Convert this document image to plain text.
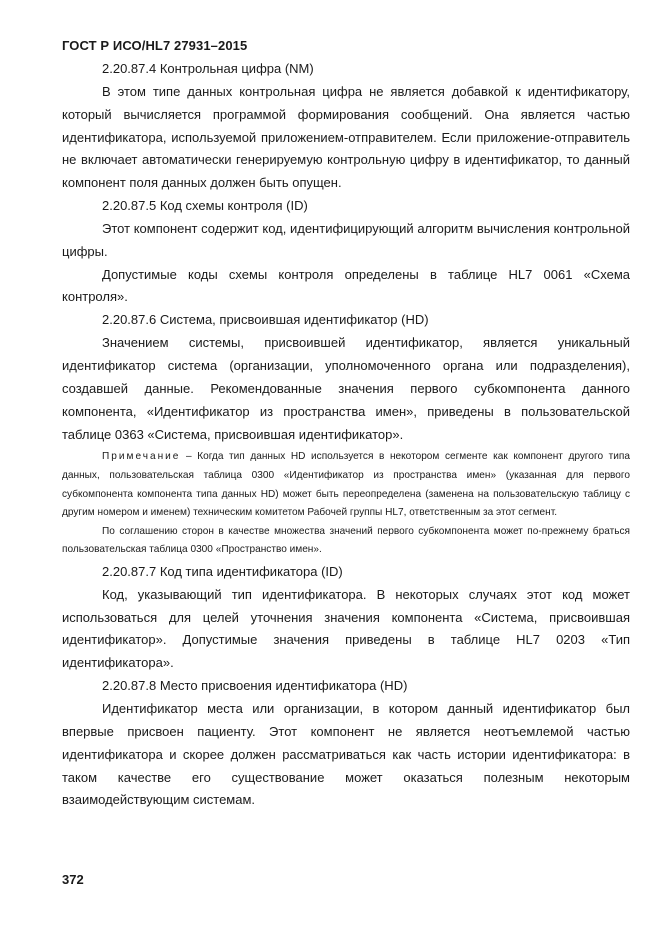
ГОСТ Р ИСО/HL7 27931–2015

2.20.87.4 Контрольная цифра (NM)

В этом типе данных контрольная цифра не является добавкой к идентификатору, который вычисляется программой формирования сообщений. Она является частью идентификатора, используемой приложением-отправителем. Если приложение-отправитель не включает автоматически генерируемую контрольную цифру в идентификатор, то данный компонент поля данных должен быть опущен.

2.20.87.5 Код схемы контроля (ID)

Этот компонент содержит код, идентифицирующий алгоритм вычисления контрольной цифры.

Допустимые коды схемы контроля определены в таблице HL7 0061 «Схема контроля».

2.20.87.6 Система, присвоившая идентификатор (HD)

Значением системы, присвоившей идентификатор, является уникальный идентификатор система (организации, уполномоченного органа или подразделения), создавшей данные. Рекомендованные значения первого субкомпонента данного компонента, «Идентификатор из пространства имен», приведены в пользовательской таблице 0363 «Система, присвоившая идентификатор».

Примечание – Когда тип данных HD используется в некотором сегменте как компонент другого типа данных, пользовательская таблица 0300 «Идентификатор из пространства имен» (указанная для первого субкомпонента компонента типа данных HD) может быть переопределена (заменена на пользовательскую таблицу с другим номером и именем) техническим комитетом Рабочей группы HL7, ответственным за этот сегмент.

По соглашению сторон в качестве множества значений первого субкомпонента может по-прежнему браться пользовательская таблица 0300 «Пространство имен».

2.20.87.7 Код типа идентификатора (ID)

Код, указывающий тип идентификатора. В некоторых случаях этот код может использоваться для целей уточнения значения компонента «Система, присвоившая идентификатор». Допустимые значения приведены в таблице HL7 0203 «Тип идентификатора».

2.20.87.8 Место присвоения идентификатора (HD)

Идентификатор места или организации, в котором данный идентификатор был впервые присвоен пациенту. Этот компонент не является неотъемлемой частью идентификатора и скорее должен рассматриваться как часть истории идентификатора: в таком качестве его существование может оказаться полезным некоторым взаимодействующим системам.

372
